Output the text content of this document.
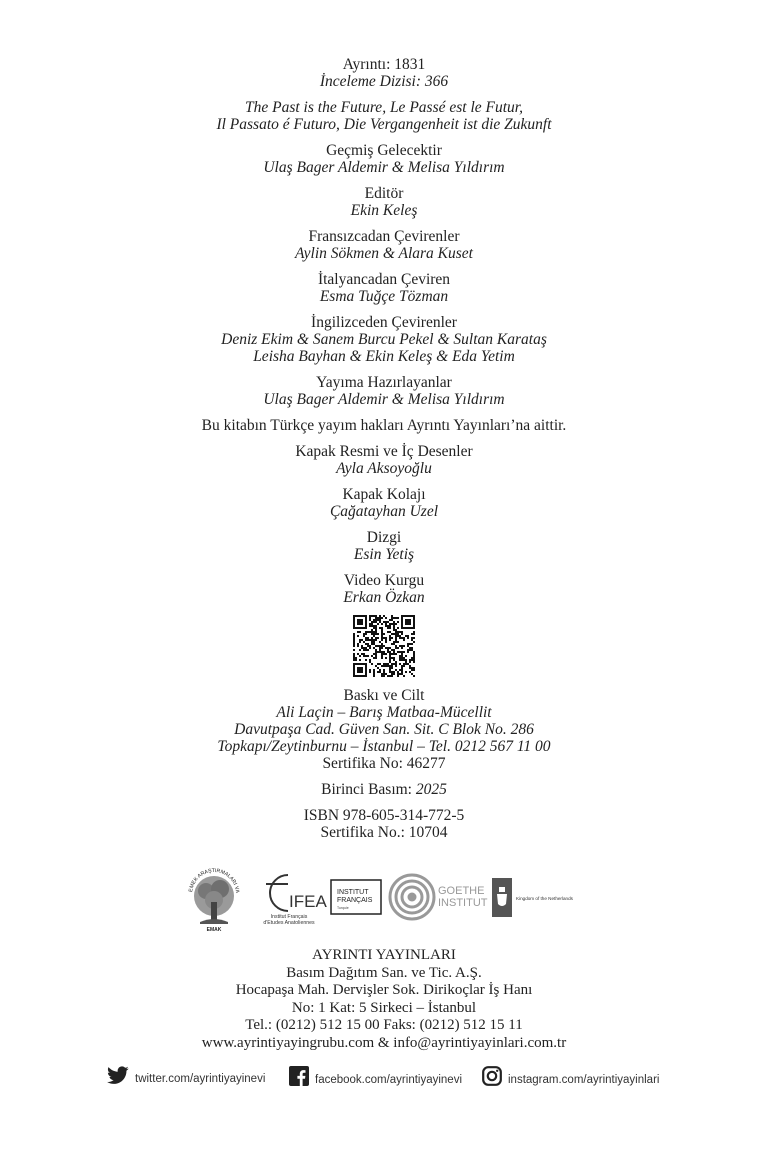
Ayrıntı: 1831
İnceleme Dizisi: 366
The Past is the Future, Le Passé est le Futur,
Il Passato é Futuro, Die Vergangenheit ist die Zukunft
Geçmiş Gelecektir
Ulaş Bager Aldemir & Melisa Yıldırım
Editör
Ekin Keleş
Fransızcadan Çevirenler
Aylin Sökmen & Alara Kuset
İtalyancadan Çeviren
Esma Tuğçe Tözman
İngilizceden Çevirenler
Deniz Ekim & Sanem Burcu Pekel & Sultan Karataş
Leisha Bayhan & Ekin Keleş & Eda Yetim
Yayıma Hazırlayanlar
Ulaş Bager Aldemir & Melisa Yıldırım
Bu kitabın Türkçe yayım hakları Ayrıntı Yayınları’na aittir.
Kapak Resmi ve İç Desenler
Ayla Aksoyoğlu
Kapak Kolajı
Çağatayhan Uzel
Dizgi
Esin Yetiş
Video Kurgu
Erkan Özkan
Baskı ve Cilt
Ali Laçin – Barış Matbaa-Mücellit
Davutpaşa Cad. Güven San. Sit. C Blok No. 286
Topkapı/Zeytinburnu – İstanbul – Tel. 0212 567 11 00
Sertifika No: 46277
Birinci Basım: 2025
ISBN 978-605-314-772-5
Sertifika No.: 10704
EMEK ARAŞTIRMALARI VA
EMAK
IFEA
Institut Français
d'Etudes Anatoliennes
INSTITUT
FRANÇAIS
Turquie
GOETHE
INSTITUT	Kingdom of the Netherlands
AYRINTI YAYINLARI
Basım Dağıtım San. ve Tic. A.Ş.
Hocapaşa Mah. Dervişler Sok. Dirikoçlar İş Hanı
No: 1 Kat: 5 Sirkeci – İstanbul
Tel.: (0212) 512 15 00 Faks: (0212) 512 15 11
www.ayrintiyayingrubu.com & info@ayrintiyayinlari.com.tr
twitter.com/ayrintiyayinevi	facebook.com/ayrintiyayinevi	instagram.com/ayrintiyayinlari
